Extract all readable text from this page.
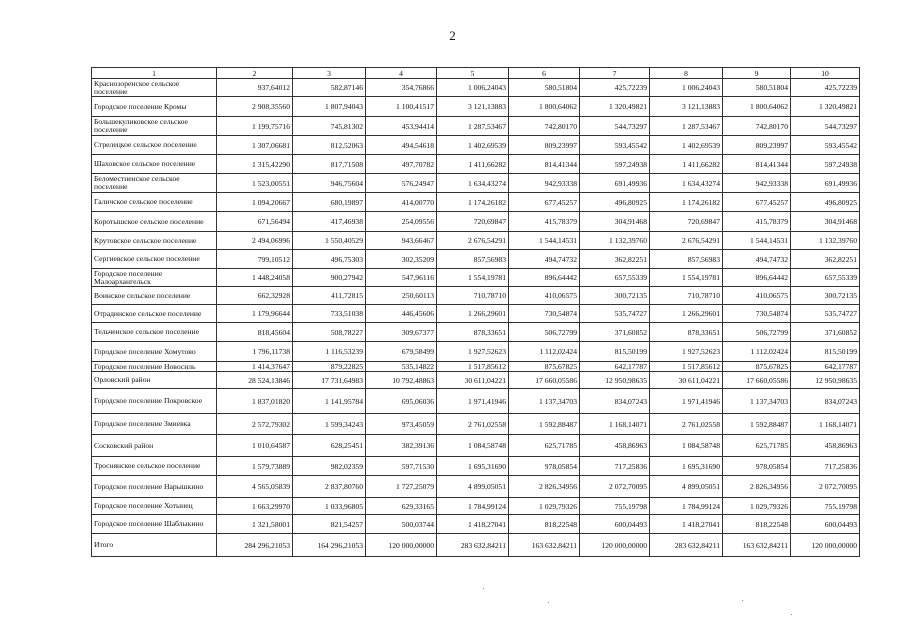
2
1	2	3	4	5	6	7	8	9	10
Краснозоренское сельское поселение	937,64012	582,87146	354,76866	1 006,24043	580,51804	425,72239	1 006,24043	580,51804	425,72239
Городское поселение Кромы	2 908,35560	1 807,94043	1 100,41517	3 121,13883	1 800,64062	1 320,49821	3 121,13883	1 800,64062	1 320,49821
Большекуликовское сельское поселение	1 199,75716	745,81302	453,94414	1 287,53467	742,80170	544,73297	1 287,53467	742,80170	544,73297
Стрелецкое сельское поселение	1 307,06681	812,52063	494,54618	1 402,69539	809,23997	593,45542	1 402,69539	809,23997	593,45542
Шаховское сельское поселение	1 315,42290	817,71508	497,70782	1 411,66282	814,41344	597,24938	1 411,66282	814,41344	597,24938
Беломестненское сельское поселение	1 523,00551	946,75604	576,24947	1 634,43274	942,93338	691,49936	1 634,43274	942,93338	691,49936
Галичское сельское поселение	1 094,20667	680,19897	414,00770	1 174,26182	677,45257	496,80925	1 174,26182	677,45257	496,80925
Коротышское сельское поселение	671,56494	417,46938	254,09556	720,69847	415,78379	304,91468	720,69847	415,78379	304,91468
Крутовское сельское поселение	2 494,06996	1 550,40529	943,66467	2 676,54291	1 544,14531	1 132,39760	2 676,54291	1 544,14531	1 132,39760
Сергиевское сельское поселение	799,10512	496,75303	302,35209	857,56983	494,74732	362,82251	857,56983	494,74732	362,82251
Городское поселение Малоархангельск	1 448,24058	900,27942	547,96116	1 554,19781	896,64442	657,55339	1 554,19781	896,64442	657,55339
Воинское сельское поселение	662,32928	411,72815	250,60113	710,78710	410,06575	300,72135	710,78710	410,06575	300,72135
Отрадинское сельское поселение	1 179,96644	733,51038	446,45606	1 266,29601	730,54874	535,74727	1 266,29601	730,54874	535,74727
Тельченское сельское поселение	818,45604	508,78227	309,67377	878,33651	506,72799	371,60852	878,33651	506,72799	371,60852
Городское поселение Хомутово	1 796,11738	1 116,53239	679,58499	1 927,52623	1 112,02424	815,50199	1 927,52623	1 112,02424	815,50199
Городское поселение Новосиль	1 414,37647	879,22825	535,14822	1 517,85612	875,67825	642,17787	1 517,85612	875,67825	642,17787
Орловский район	28 524,13846	17 731,64983	10 792,48863	30 611,04221	17 660,05586	12 950,98635	30 611,04221	17 660,05586	12 950,98635
Городское поселение Покровское	1 837,01820	1 141,95784	695,06036	1 971,41946	1 137,34703	834,07243	1 971,41946	1 137,34703	834,07243
Городское поселение Змиевка	2 572,79302	1 599,34243	973,45059	2 761,02558	1 592,88487	1 168,14071	2 761,02558	1 592,88487	1 168,14071
Сосковский район	1 010,64587	628,25451	382,39136	1 084,58748	625,71785	458,86963	1 084,58748	625,71785	458,86963
Троснянское сельское поселение	1 579,73889	982,02359	597,71530	1 695,31690	978,05854	717,25836	1 695,31690	978,05854	717,25836
Городское поселение Нарышкино	4 565,05839	2 837,80760	1 727,25079	4 899,05051	2 826,34956	2 072,70095	4 899,05051	2 826,34956	2 072,70095
Городское поселение Хотынец	1 663,29970	1 033,96805	629,33165	1 784,99124	1 029,79326	755,19798	1 784,99124	1 029,79326	755,19798
Городское поселение Шаблыкино	1 321,58001	821,54257	500,03744	1 418,27041	818,22548	600,04493	1 418,27041	818,22548	600,04493
Итого	284 296,21053	164 296,21053	120 000,00000	283 632,84211	163 632,84211	120 000,00000	283 632,84211	163 632,84211	120 000,00000
